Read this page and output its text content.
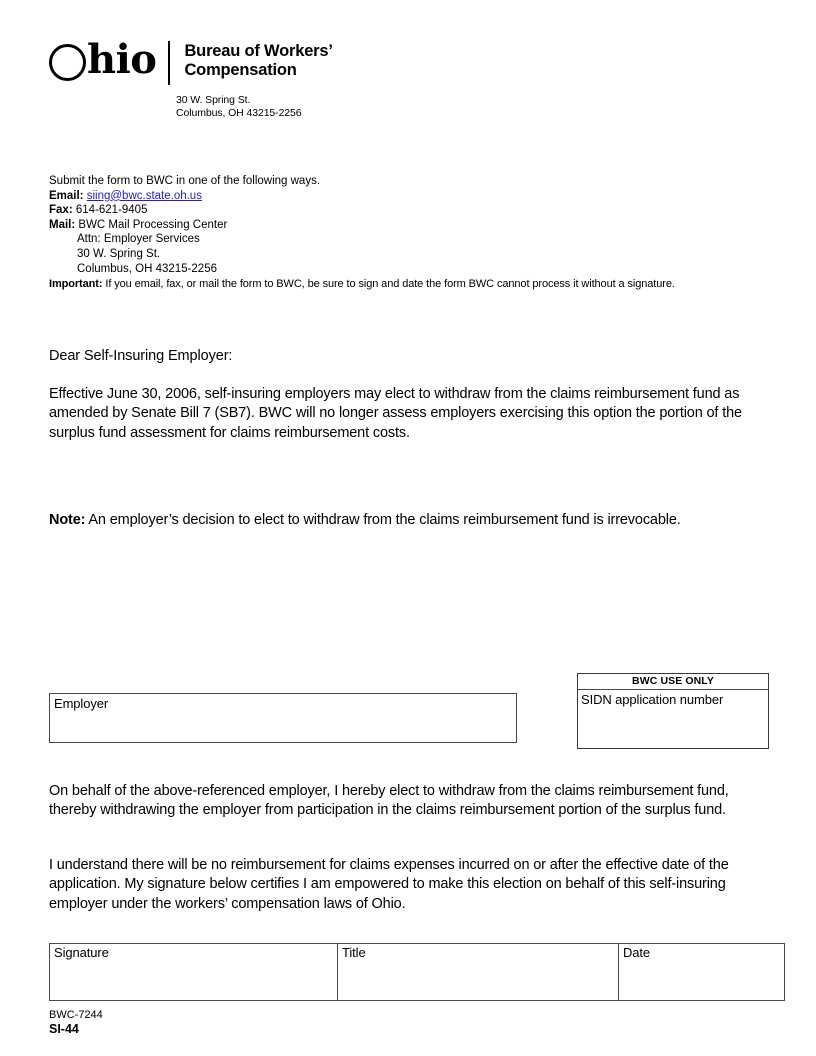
hio Bureau of Workers’
Compensation
30 W. Spring St.
Columbus, OH 43215-2256
Submit the form to BWC in one of the following ways.
Email: siing@bwc.state.oh.us
Fax: 614-621-9405
Mail: BWC Mail Processing Center
Attn: Employer Services
30 W. Spring St.
Columbus, OH 43215-2256
Important: If you email, fax, or mail the form to BWC, be sure to sign and date the form BWC cannot process it without a signature.
Dear Self-Insuring Employer:
Effective June 30, 2006, self-insuring employers may elect to withdraw from the claims reimbursement fund as amended by Senate Bill 7 (SB7). BWC will no longer assess employers exercising this option the portion of the surplus fund assessment for claims reimbursement costs.
Note: An employer’s decision to elect to withdraw from the claims reimbursement fund is irrevocable.
Employer
BWC USE ONLY
SIDN application number
On behalf of the above-referenced employer, I hereby elect to withdraw from the claims reimbursement fund, thereby withdrawing the employer from participation in the claims reimbursement portion of the surplus fund.
I understand there will be no reimbursement for claims expenses incurred on or after the effective date of the application. My signature below certifies I am empowered to make this election on behalf of this self-insuring employer under the workers’ compensation laws of Ohio.
Signature	Title	Date
BWC-7244
SI-44
